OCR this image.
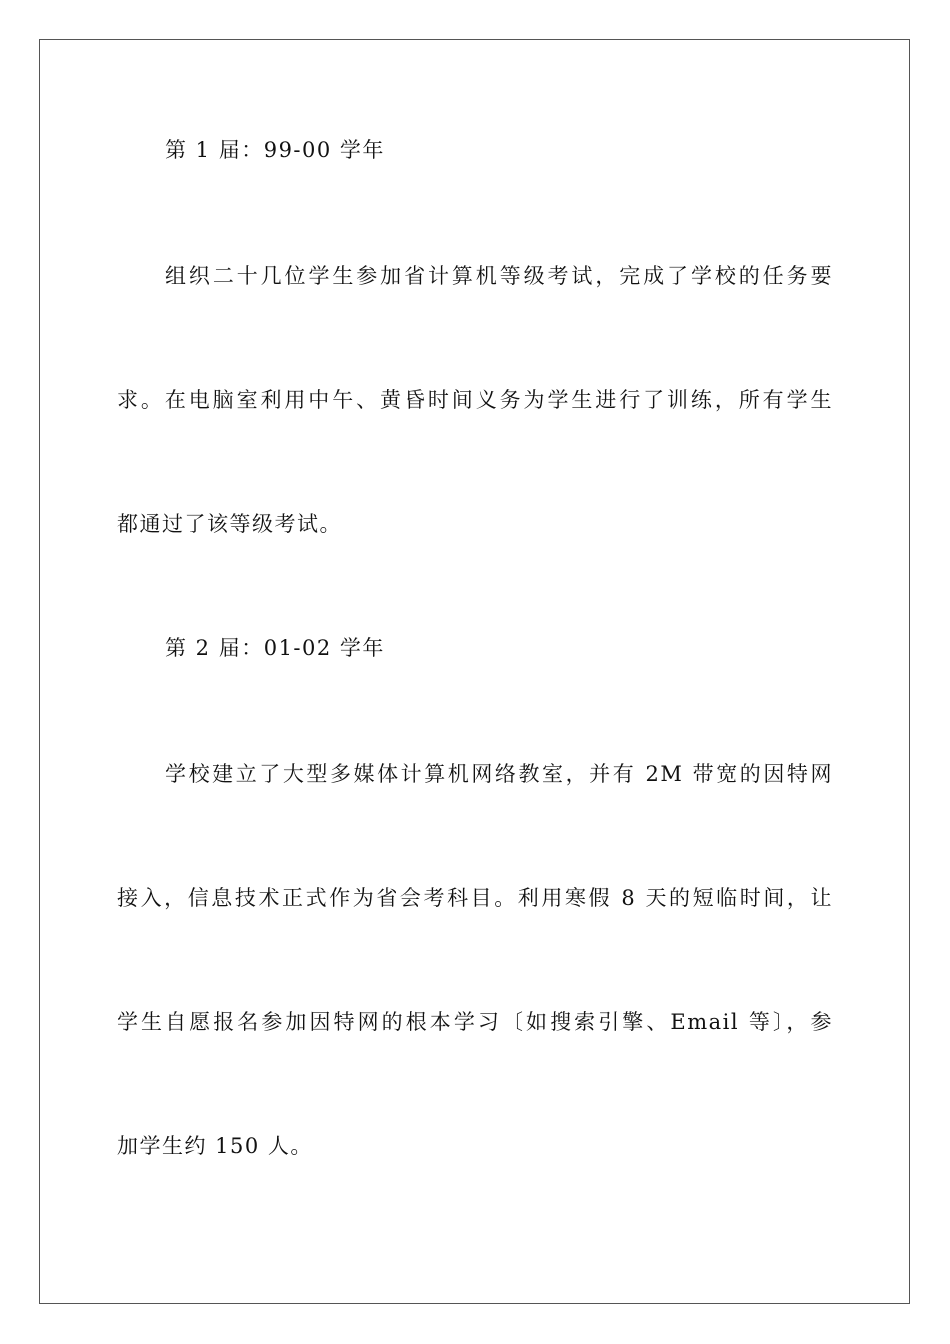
第 1 届：99-00 学年
组织二十几位学生参加省计算机等级考试，完成了学校的任务要
求。在电脑室利用中午、黄昏时间义务为学生进行了训练，所有学生
都通过了该等级考试。
第 2 届：01-02 学年
学校建立了大型多媒体计算机网络教室，并有 2M 带宽的因特网
接入，信息技术正式作为省会考科目。利用寒假 8 天的短临时间，让
学生自愿报名参加因特网的根本学习〔如搜索引擎、Email 等〕，参
加学生约 150 人。
